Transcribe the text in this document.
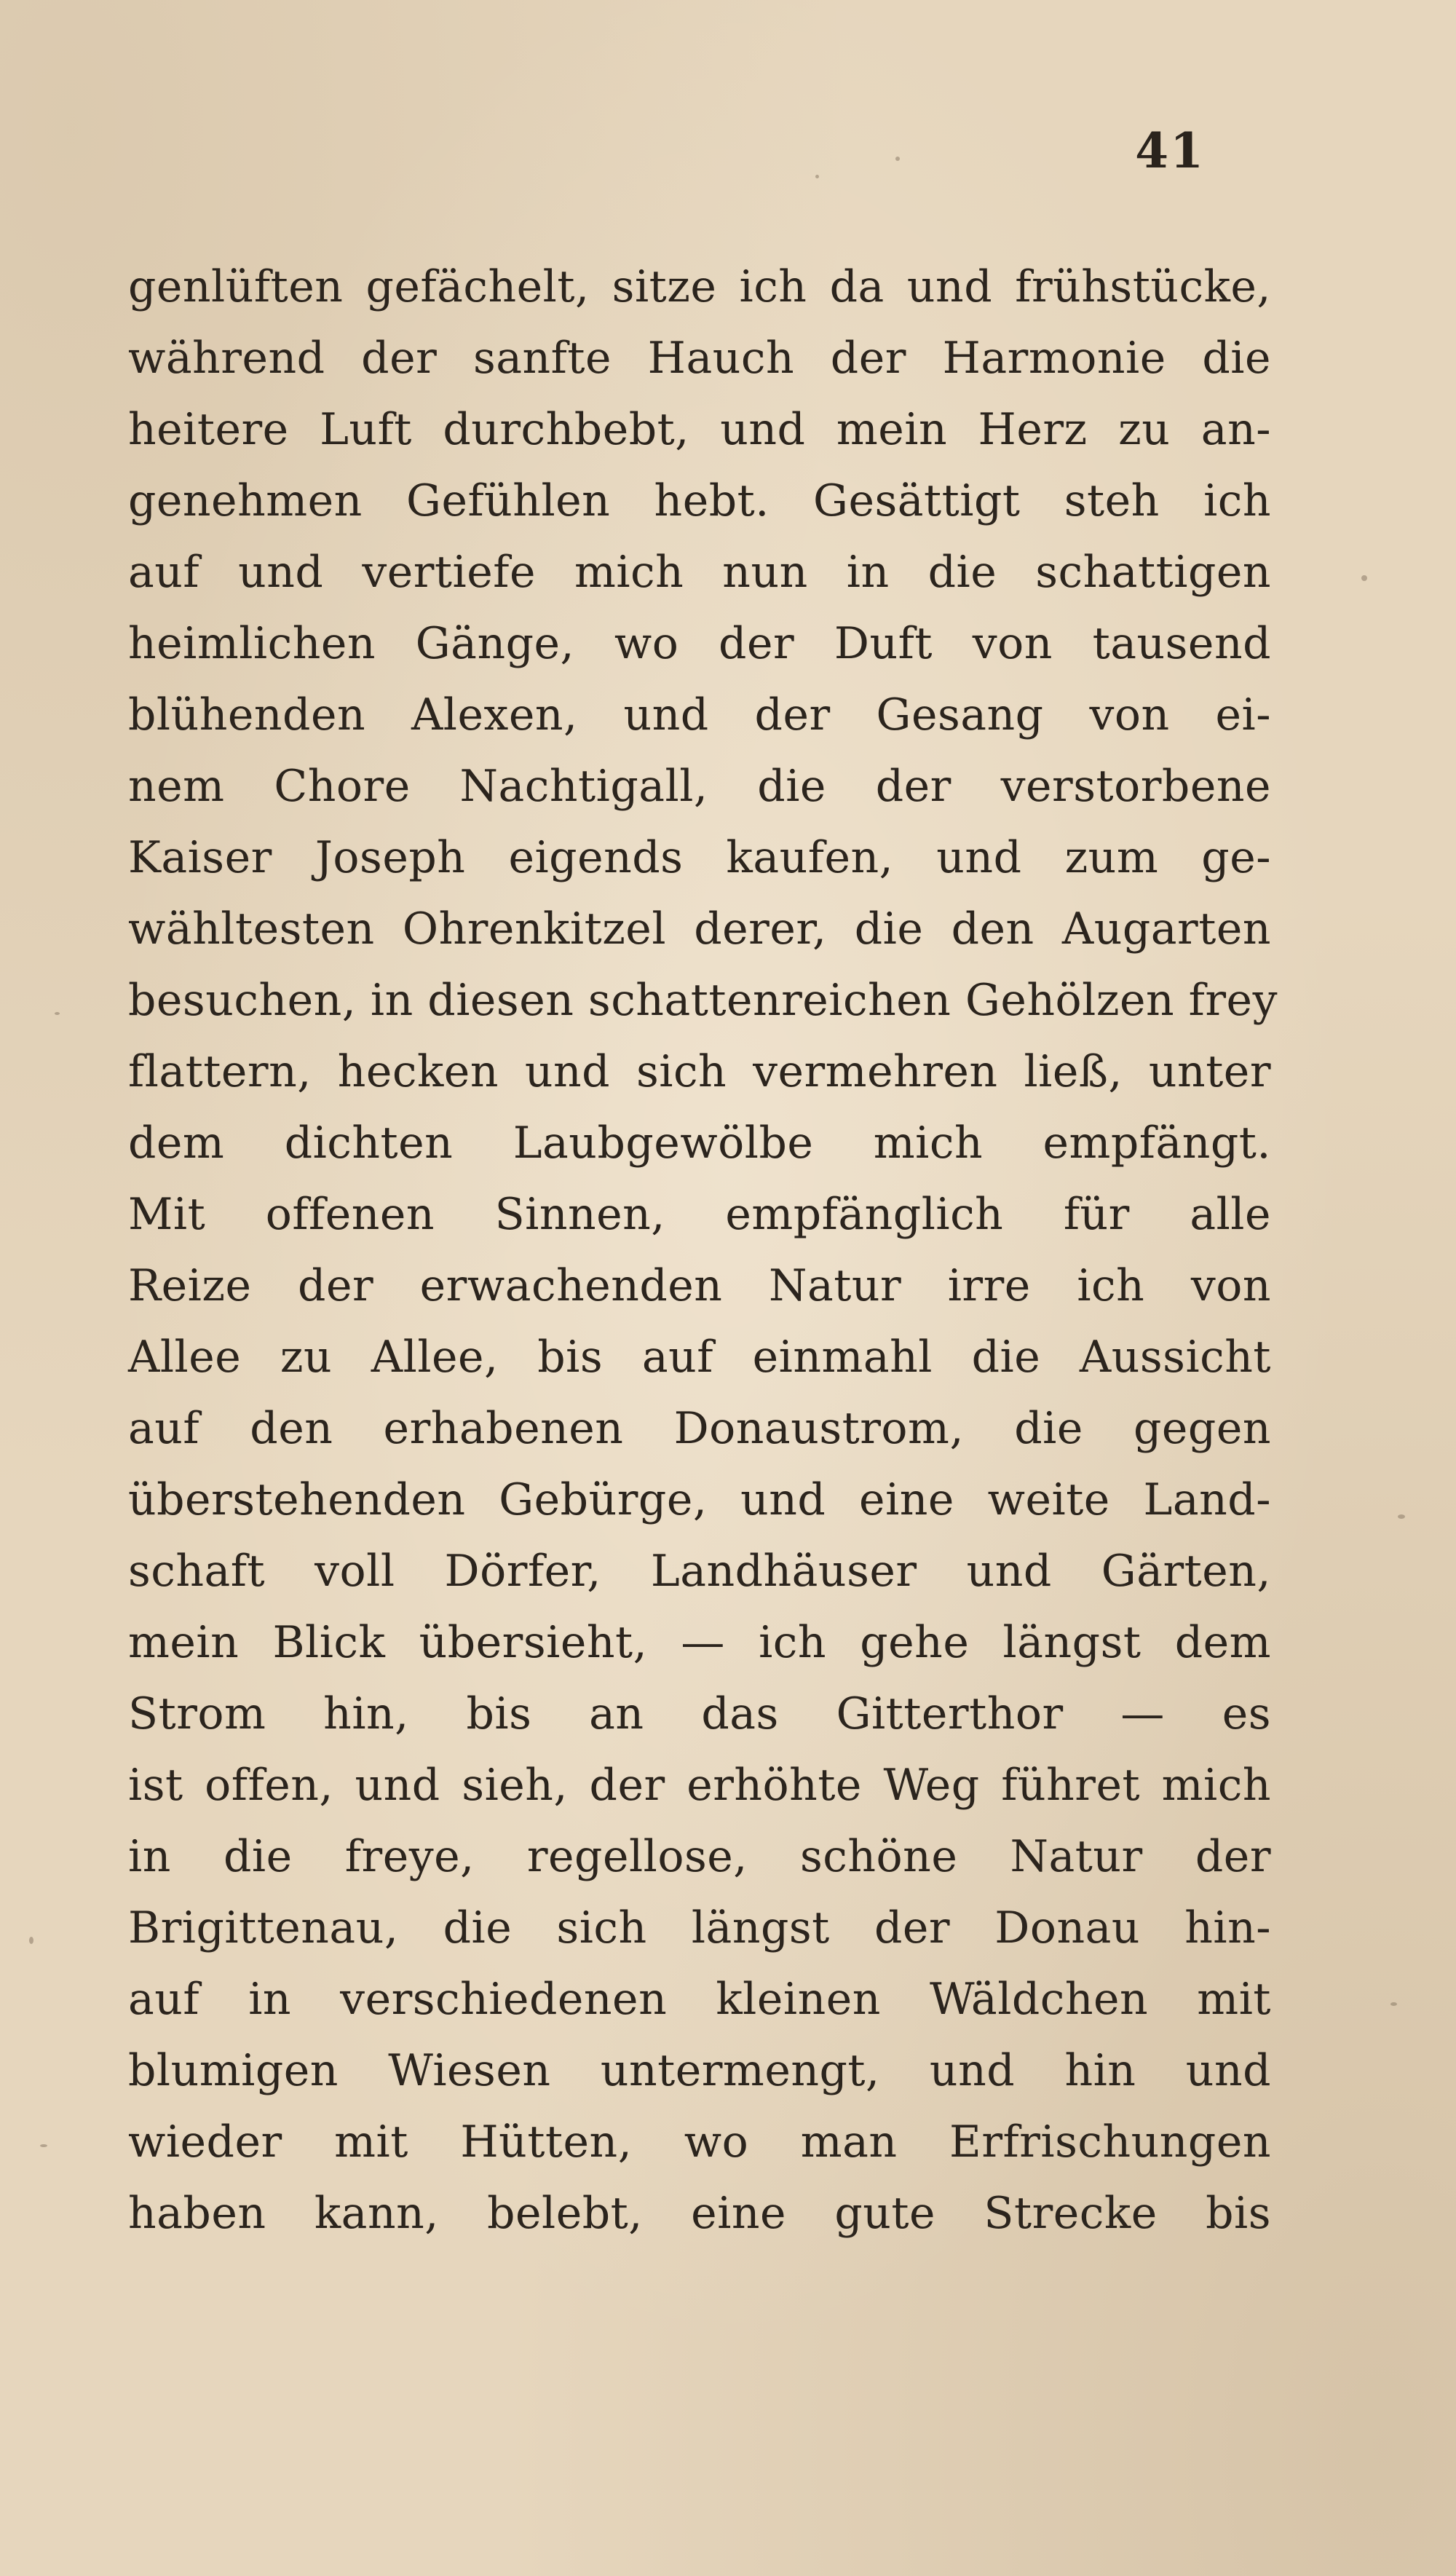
41
genlüften gefächelt, sitze ich da und frühstücke,
während der sanfte Hauch der Harmonie die
heitere Luft durchbebt, und mein Herz zu an-
genehmen Gefühlen hebt. Gesättigt steh ich
auf und vertiefe mich nun in die schattigen
heimlichen Gänge, wo der Duft von tausend
blühenden Alexen, und der Gesang von ei-
nem Chore Nachtigall, die der verstorbene
Kaiser Joseph eigends kaufen, und zum ge-
wähltesten Ohrenkitzel derer, die den Augarten
besuchen, in diesen schattenreichen Gehölzen frey
flattern, hecken und sich vermehren ließ, unter
dem dichten Laubgewölbe mich empfängt.
Mit offenen Sinnen, empfänglich für alle
Reize der erwachenden Natur irre ich von
Allee zu Allee, bis auf einmahl die Aussicht
auf den erhabenen Donaustrom, die gegen
überstehenden Gebürge, und eine weite Land-
schaft voll Dörfer, Landhäuser und Gärten,
mein Blick übersieht, — ich gehe längst dem
Strom hin, bis an das Gitterthor — es
ist offen, und sieh, der erhöhte Weg führet mich
in die freye, regellose, schöne Natur der
Brigittenau, die sich längst der Donau hin-
auf in verschiedenen kleinen Wäldchen mit
blumigen Wiesen untermengt, und hin und
wieder mit Hütten, wo man Erfrischungen
haben kann, belebt, eine gute Strecke bis
